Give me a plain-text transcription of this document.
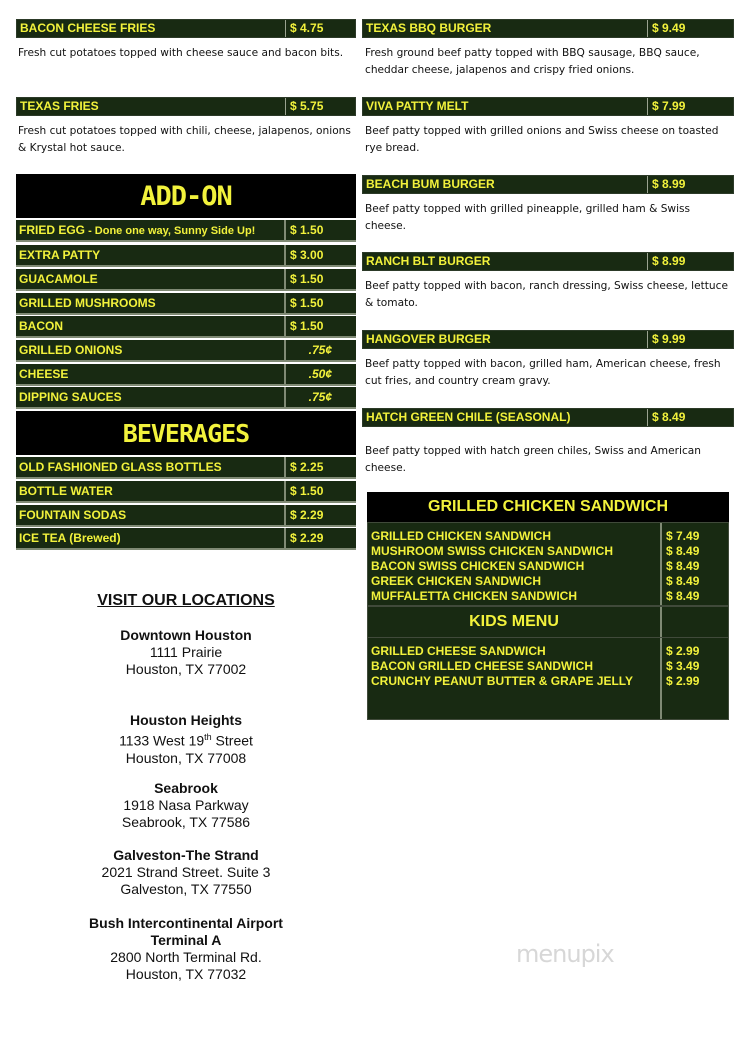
BACON CHEESE FRIES	$ 4.75
Fresh cut potatoes topped with cheese sauce and bacon bits.
TEXAS FRIES	$ 5.75
Fresh cut potatoes topped with chili, cheese, jalapenos, onions & Krystal hot sauce.
TEXAS BBQ BURGER	$ 9.49
Fresh ground beef patty topped with BBQ sausage, BBQ sauce, cheddar cheese, jalapenos and crispy fried onions.
VIVA PATTY MELT	$ 7.99
Beef patty topped with grilled onions and Swiss cheese on toasted rye bread.
BEACH BUM BURGER	$ 8.99
Beef patty topped with grilled pineapple, grilled ham & Swiss cheese.
RANCH BLT BURGER	$ 8.99
Beef patty topped with bacon, ranch dressing, Swiss cheese, lettuce & tomato.
HANGOVER BURGER	$ 9.99
Beef patty topped with bacon, grilled ham, American cheese, fresh cut fries, and country cream gravy.
HATCH GREEN CHILE (SEASONAL)	$ 8.49
Beef patty topped with hatch green chiles, Swiss and American cheese.
ADD-ON
FRIED EGG - Done one way, Sunny Side Up!	$ 1.50
EXTRA PATTY	$ 3.00
GUACAMOLE	$ 1.50
GRILLED MUSHROOMS	$ 1.50
BACON	$ 1.50
GRILLED ONIONS	.75¢
CHEESE	.50¢
DIPPING SAUCES	.75¢
BEVERAGES
OLD FASHIONED GLASS BOTTLES	$ 2.25
BOTTLE WATER	$ 1.50
FOUNTAIN SODAS	$ 2.29
ICE TEA (Brewed)	$ 2.29
VISIT OUR LOCATIONS
Downtown Houston
1111 Prairie
Houston, TX 77002
Houston Heights
1133 West 19th Street
Houston, TX 77008
Seabrook
1918 Nasa Parkway
Seabrook, TX 77586
Galveston-The Strand
2021 Strand Street. Suite 3
Galveston, TX 77550
Bush Intercontinental Airport
Terminal A
2800 North Terminal Rd.
Houston, TX 77032
GRILLED CHICKEN SANDWICH
GRILLED CHICKEN SANDWICH	$ 7.49
MUSHROOM SWISS CHICKEN SANDWICH	$ 8.49
BACON SWISS CHICKEN SANDWICH	$ 8.49
GREEK CHICKEN SANDWICH	$ 8.49
MUFFALETTA CHICKEN SANDWICH	$ 8.49
KIDS MENU
GRILLED CHEESE SANDWICH	$ 2.99
BACON GRILLED CHEESE SANDWICH	$ 3.49
CRUNCHY PEANUT BUTTER & GRAPE JELLY	$ 2.99
menupix
